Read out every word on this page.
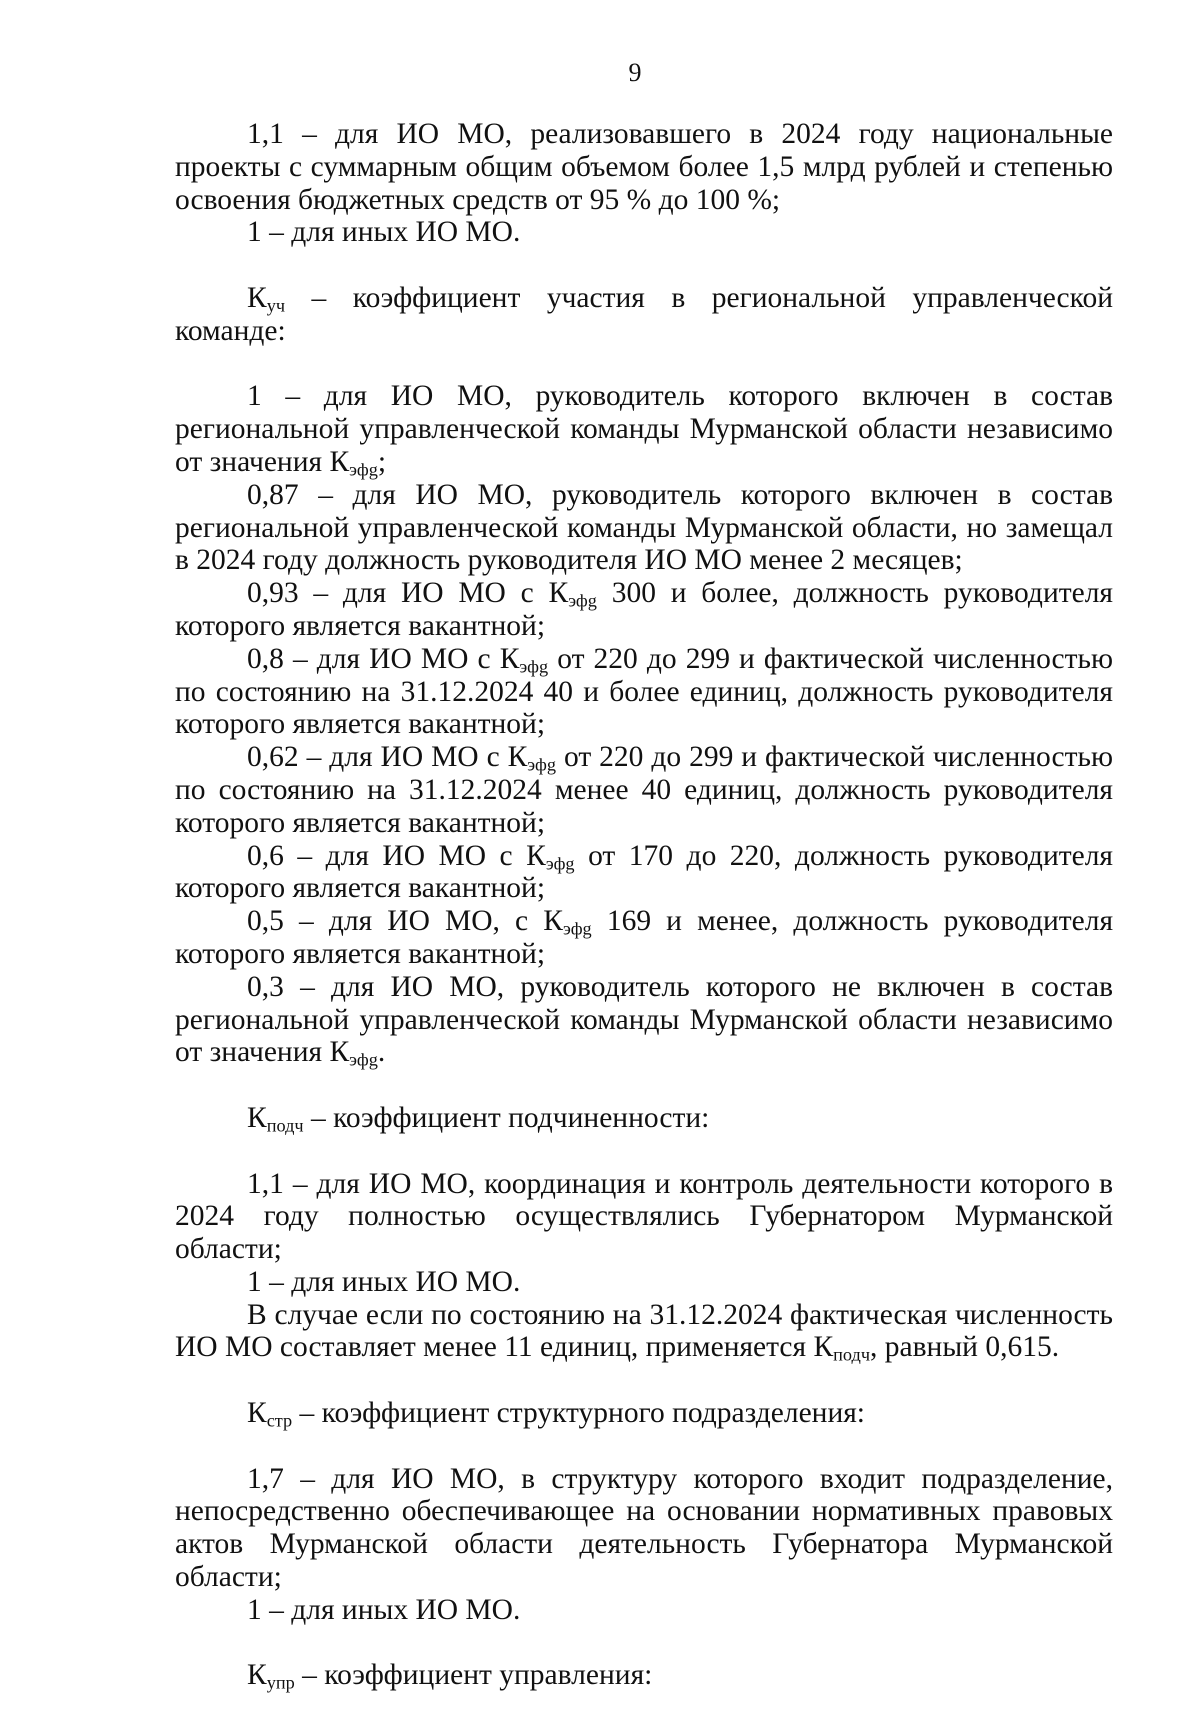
9

1,1 – для ИО МО, реализовавшего в 2024 году национальные проекты с суммарным общим объемом более 1,5 млрд рублей и степенью освоения бюджетных средств от 95 % до 100 %;

1 – для иных ИО МО.

$К_{уч}$ – коэффициент участия в региональной управленческой команде:

1 – для ИО МО, руководитель которого включен в состав региональной управленческой команды Мурманской области независимо от значения $К_{эфg}$;

0,87 – для ИО МО, руководитель которого включен в состав региональной управленческой команды Мурманской области, но замещал в 2024 году должность руководителя ИО МО менее 2 месяцев;

0,93 – для ИО МО с $К_{эфg}$ 300 и более, должность руководителя которого является вакантной;

0,8 – для ИО МО с $К_{эфg}$ от 220 до 299 и фактической численностью по состоянию на 31.12.2024 40 и более единиц, должность руководителя которого является вакантной;

0,62 – для ИО МО с $К_{эфg}$ от 220 до 299 и фактической численностью по состоянию на 31.12.2024 менее 40 единиц, должность руководителя которого является вакантной;

0,6 – для ИО МО с $К_{эфg}$ от 170 до 220, должность руководителя которого является вакантной;

0,5 – для ИО МО, с $К_{эфg}$ 169 и менее, должность руководителя которого является вакантной;

0,3 – для ИО МО, руководитель которого не включен в состав региональной управленческой команды Мурманской области независимо от значения $К_{эфg}$.

$К_{подч}$ – коэффициент подчиненности:

1,1 – для ИО МО, координация и контроль деятельности которого в 2024 году полностью осуществлялись Губернатором Мурманской области;

1 – для иных ИО МО.

В случае если по состоянию на 31.12.2024 фактическая численность ИО МО составляет менее 11 единиц, применяется $К_{подч}$, равный 0,615.

$К_{стр}$ – коэффициент структурного подразделения:

1,7 – для ИО МО, в структуру которого входит подразделение, непосредственно обеспечивающее на основании нормативных правовых актов Мурманской области деятельность Губернатора Мурманской области;

1 – для иных ИО МО.

$К_{упр}$ – коэффициент управления:
